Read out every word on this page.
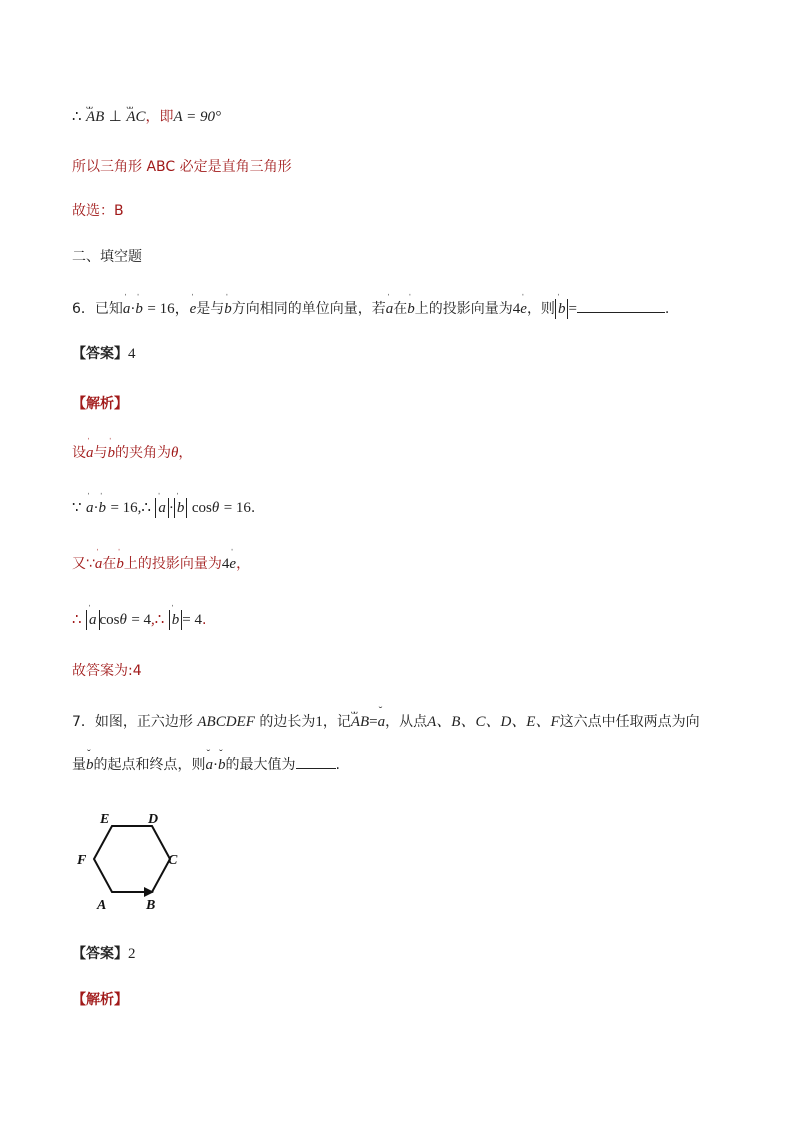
∴ ᴗᴗ AB ⊥ ᴗᴗ AC，即A = 90°
所以三角形 ABC 必定是直角三角形
故选：B
二、填空题
6．已知ˈ a·ˈ b = 16，ˈ e是与ˈ b方向相同的单位向量，若ˈ a在ˈ b上的投影向量为4ˈ e，则 ˈ b =	.
【答案】4
【解析】
设ˈ a与ˈ b的夹角为θ，
∵ ˈ a·ˈ b = 16,∴ ˈ a · ˈ b cosθ = 16.
又∵ˈ a在ˈ b上的投影向量为4ˈ e，
∴ ˈ a cosθ = 4,∴ ˈ b = 4.
故答案为:4
7．如图，正六边形 ABCDEF 的边长为1，记ᴗᴗ AB=ˇ a，从点A、B、C、D、E、F这六点中任取两点为向
量ˇ b的起点和终点，则ˇ a·ˇ b的最大值为	.
E	D
F	C
A	B
【答案】2
【解析】
